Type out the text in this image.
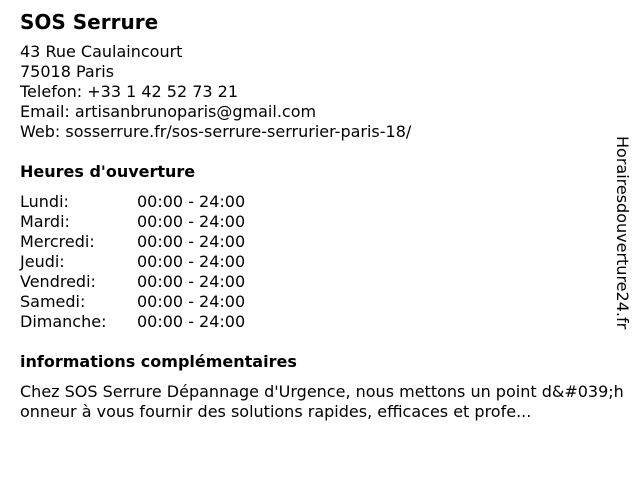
SOS Serrure
43 Rue Caulaincourt
75018 Paris
Telefon: +33 1 42 52 73 21
Email: artisanbrunoparis@gmail.com
Web: sosserrure.fr/sos-serrure-serrurier-paris-18/
Heures d'ouverture
Lundi:	00:00 - 24:00
Mardi:	00:00 - 24:00
Mercredi:	00:00 - 24:00
Jeudi:	00:00 - 24:00
Vendredi:	00:00 - 24:00
Samedi:	00:00 - 24:00
Dimanche:	00:00 - 24:00
informations complémentaires
Chez SOS Serrure Dépannage d'Urgence, nous mettons un point d&#039;honneur à vous fournir des solutions rapides, efficaces et profe...
Horairesdouverture24.fr
